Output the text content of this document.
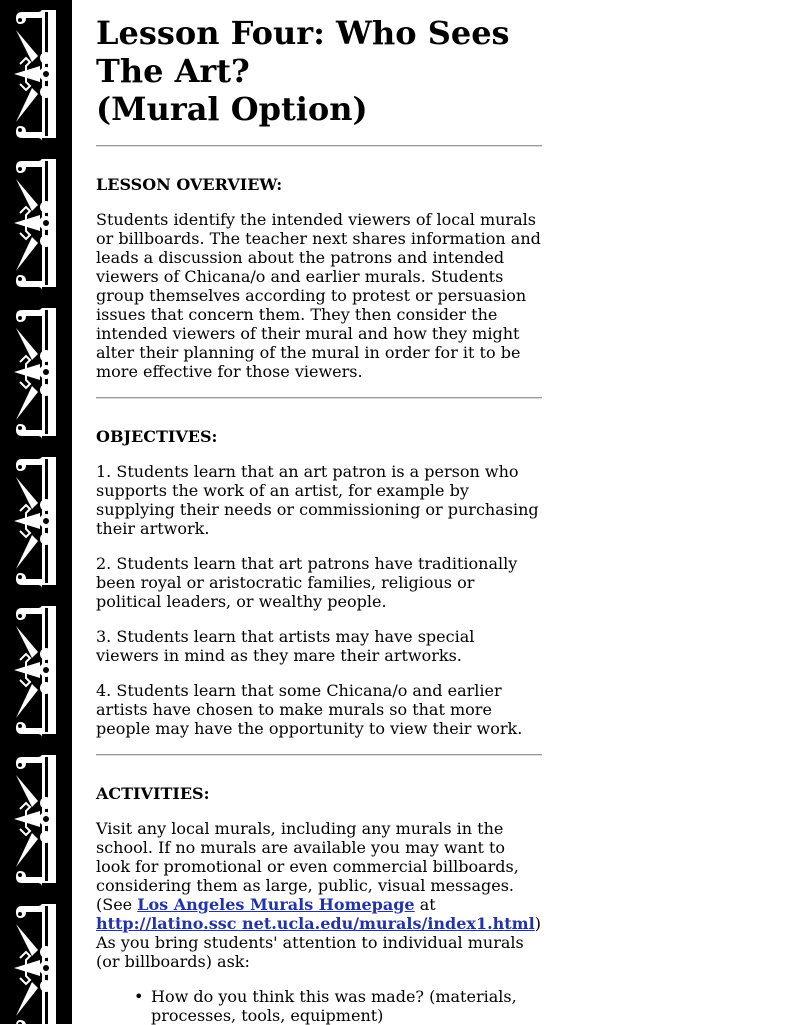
Lesson Four: Who Sees
The Art?
(Mural Option)
LESSON OVERVIEW:

Students identify the intended viewers of local murals or billboards. The teacher next shares information and leads a discussion about the patrons and intended viewers of Chicana/o and earlier murals. Students group themselves according to protest or persuasion issues that concern them. They then consider the intended viewers of their mural and how they might alter their planning of the mural in order for it to be more effective for those viewers.

OBJECTIVES:

1. Students learn that an art patron is a person who supports the work of an artist, for example by supplying their needs or commissioning or purchasing their artwork.

2. Students learn that art patrons have traditionally been royal or aristocratic families, religious or political leaders, or wealthy people.

3. Students learn that artists may have special viewers in mind as they mare their artworks.

4. Students learn that some Chicana/o and earlier artists have chosen to make murals so that more people may have the opportunity to view their work.

ACTIVITIES:
Visit any local murals, including any murals in the school. If no murals are available you may want to look for promotional or even commercial billboards, considering them as large, public, visual messages. (See Los Angeles Murals Homepage at http://latino.ssc net.ucla.edu/murals/index1.html) As you bring students' attention to individual murals (or billboards) ask:
• How do you think this was made? (materials, processes, tools, equipment)
